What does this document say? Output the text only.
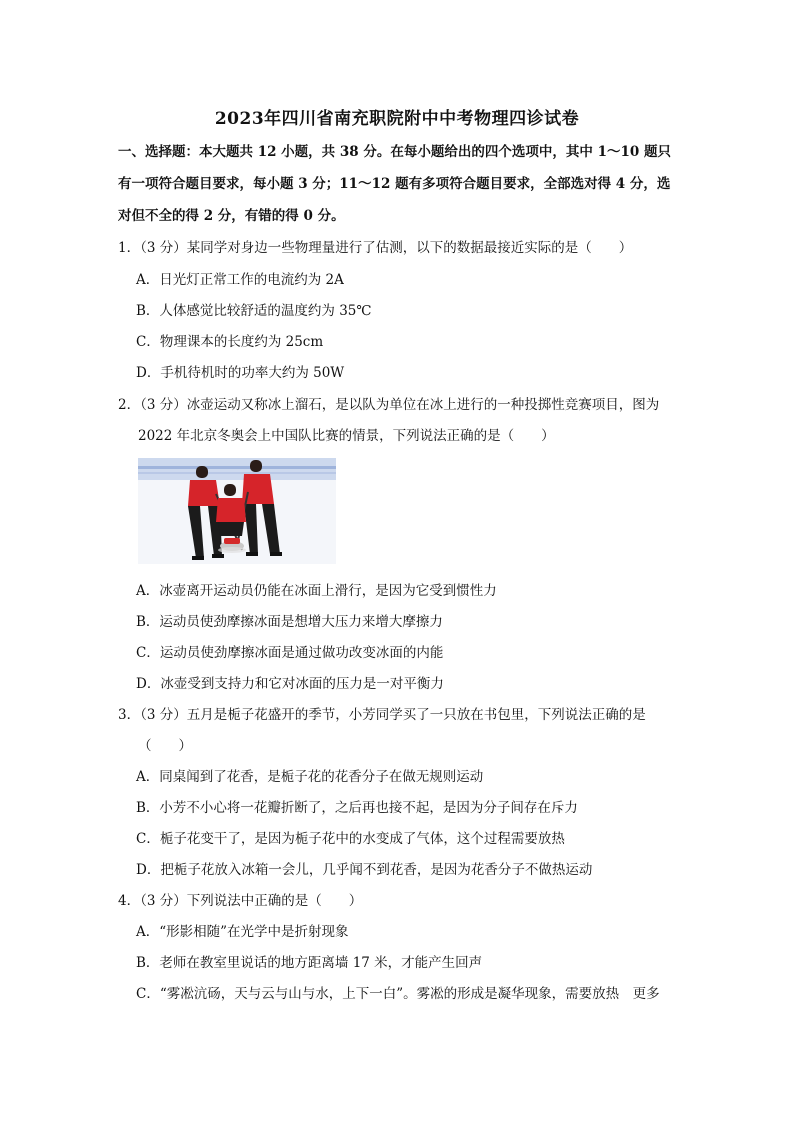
2023年四川省南充职院附中中考物理四诊试卷
一、选择题：本大题共 12 小题，共 38 分。在每小题给出的四个选项中，其中 1～10 题只
有一项符合题目要求，每小题 3 分；11～12 题有多项符合题目要求，全部选对得 4 分，选
对但不全的得 2 分，有错的得 0 分。
1．（3 分）某同学对身边一些物理量进行了估测，以下的数据最接近实际的是（　　）
A．日光灯正常工作的电流约为 2A
B．人体感觉比较舒适的温度约为 35℃
C．物理课本的长度约为 25cm
D．手机待机时的功率大约为 50W
2．（3 分）冰壶运动又称冰上溜石，是以队为单位在冰上进行的一种投掷性竞赛项目，图为
2022 年北京冬奥会上中国队比赛的情景，下列说法正确的是（　　）
A．冰壶离开运动员仍能在冰面上滑行，是因为它受到惯性力
B．运动员使劲摩擦冰面是想增大压力来增大摩擦力
C．运动员使劲摩擦冰面是通过做功改变冰面的内能
D．冰壶受到支持力和它对冰面的压力是一对平衡力
3．（3 分）五月是栀子花盛开的季节，小芳同学买了一只放在书包里，下列说法正确的是
（　　）
A．同桌闻到了花香，是栀子花的花香分子在做无规则运动
B．小芳不小心将一花瓣折断了，之后再也接不起，是因为分子间存在斥力
C．栀子花变干了，是因为栀子花中的水变成了气体，这个过程需要放热
D．把栀子花放入冰箱一会儿，几乎闻不到花香，是因为花香分子不做热运动
4．（3 分）下列说法中正确的是（　　）
A．“形影相随”在光学中是折射现象
B．老师在教室里说话的地方距离墙 17 米，才能产生回声
C．“雾凇沆砀，天与云与山与水，上下一白”。雾凇的形成是凝华现象，需要放热　更多
